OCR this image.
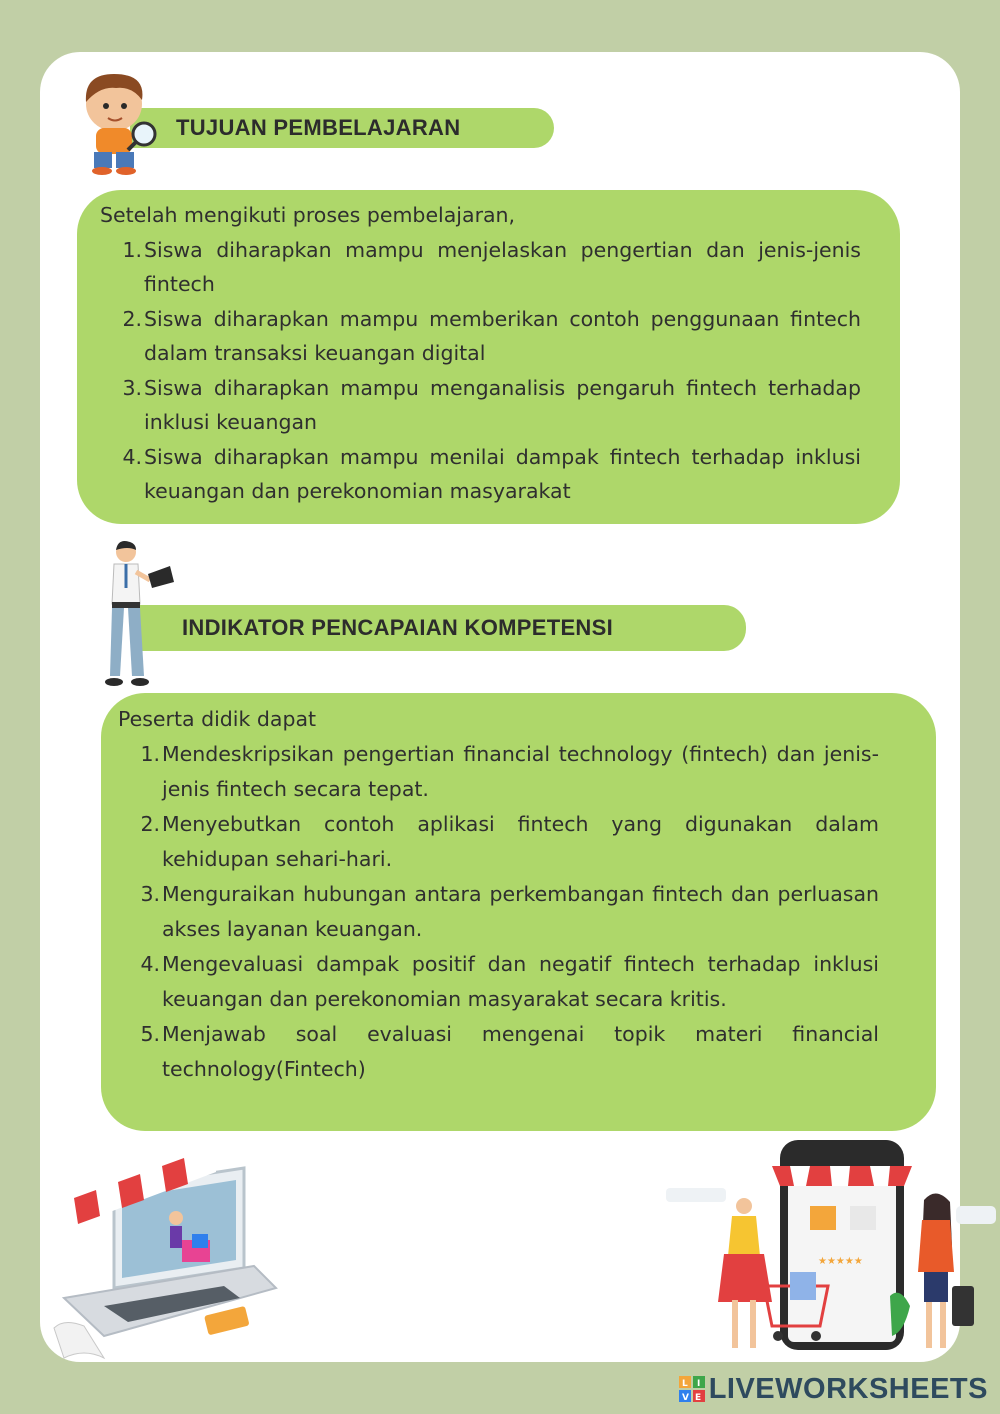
TUJUAN PEMBELAJARAN

Setelah mengikuti proses pembelajaran,

1. Siswa diharapkan mampu menjelaskan pengertian dan jenis-jenis fintech
2. Siswa diharapkan mampu memberikan contoh penggunaan fintech dalam transaksi keuangan digital
3. Siswa diharapkan mampu menganalisis pengaruh fintech terhadap inklusi keuangan
4. Siswa diharapkan mampu menilai dampak fintech terhadap inklusi keuangan dan perekonomian masyarakat
INDIKATOR PENCAPAIAN KOMPETENSI

Peserta didik dapat

1. Mendeskripsikan pengertian financial technology (fintech) dan jenis-jenis fintech secara tepat.
2. Menyebutkan contoh aplikasi fintech yang digunakan dalam kehidupan sehari-hari.
3. Menguraikan hubungan antara perkembangan fintech dan perluasan akses layanan keuangan.
4. Mengevaluasi dampak positif dan negatif fintech terhadap inklusi keuangan dan perekonomian masyarakat secara kritis.
5. Menjawab soal evaluasi mengenai topik materi financial technology(Fintech)
★★★★★
L I
V E LIVEWORKSHEETS
